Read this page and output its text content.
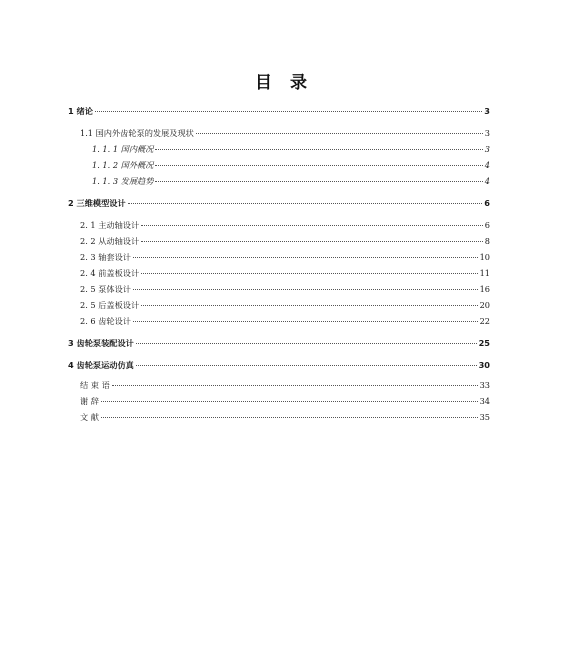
目 录
1 绪论	3
1.1 国内外齿轮泵的发展及现状	3
1. 1. 1 国内概况	3
1. 1. 2 国外概况	4
1. 1. 3 发展趋势	4
2 三维模型设计	6
2. 1 主动轴设计	6
2. 2 从动轴设计	8
2. 3 轴套设计	10
2. 4 前盖板设计	11
2. 5 泵体设计	16
2. 5 后盖板设计	20
2. 6 齿轮设计	22
3 齿轮泵装配设计	25
4 齿轮泵运动仿真	30
结 束 语	33
谢 辞	34
文 献	35
